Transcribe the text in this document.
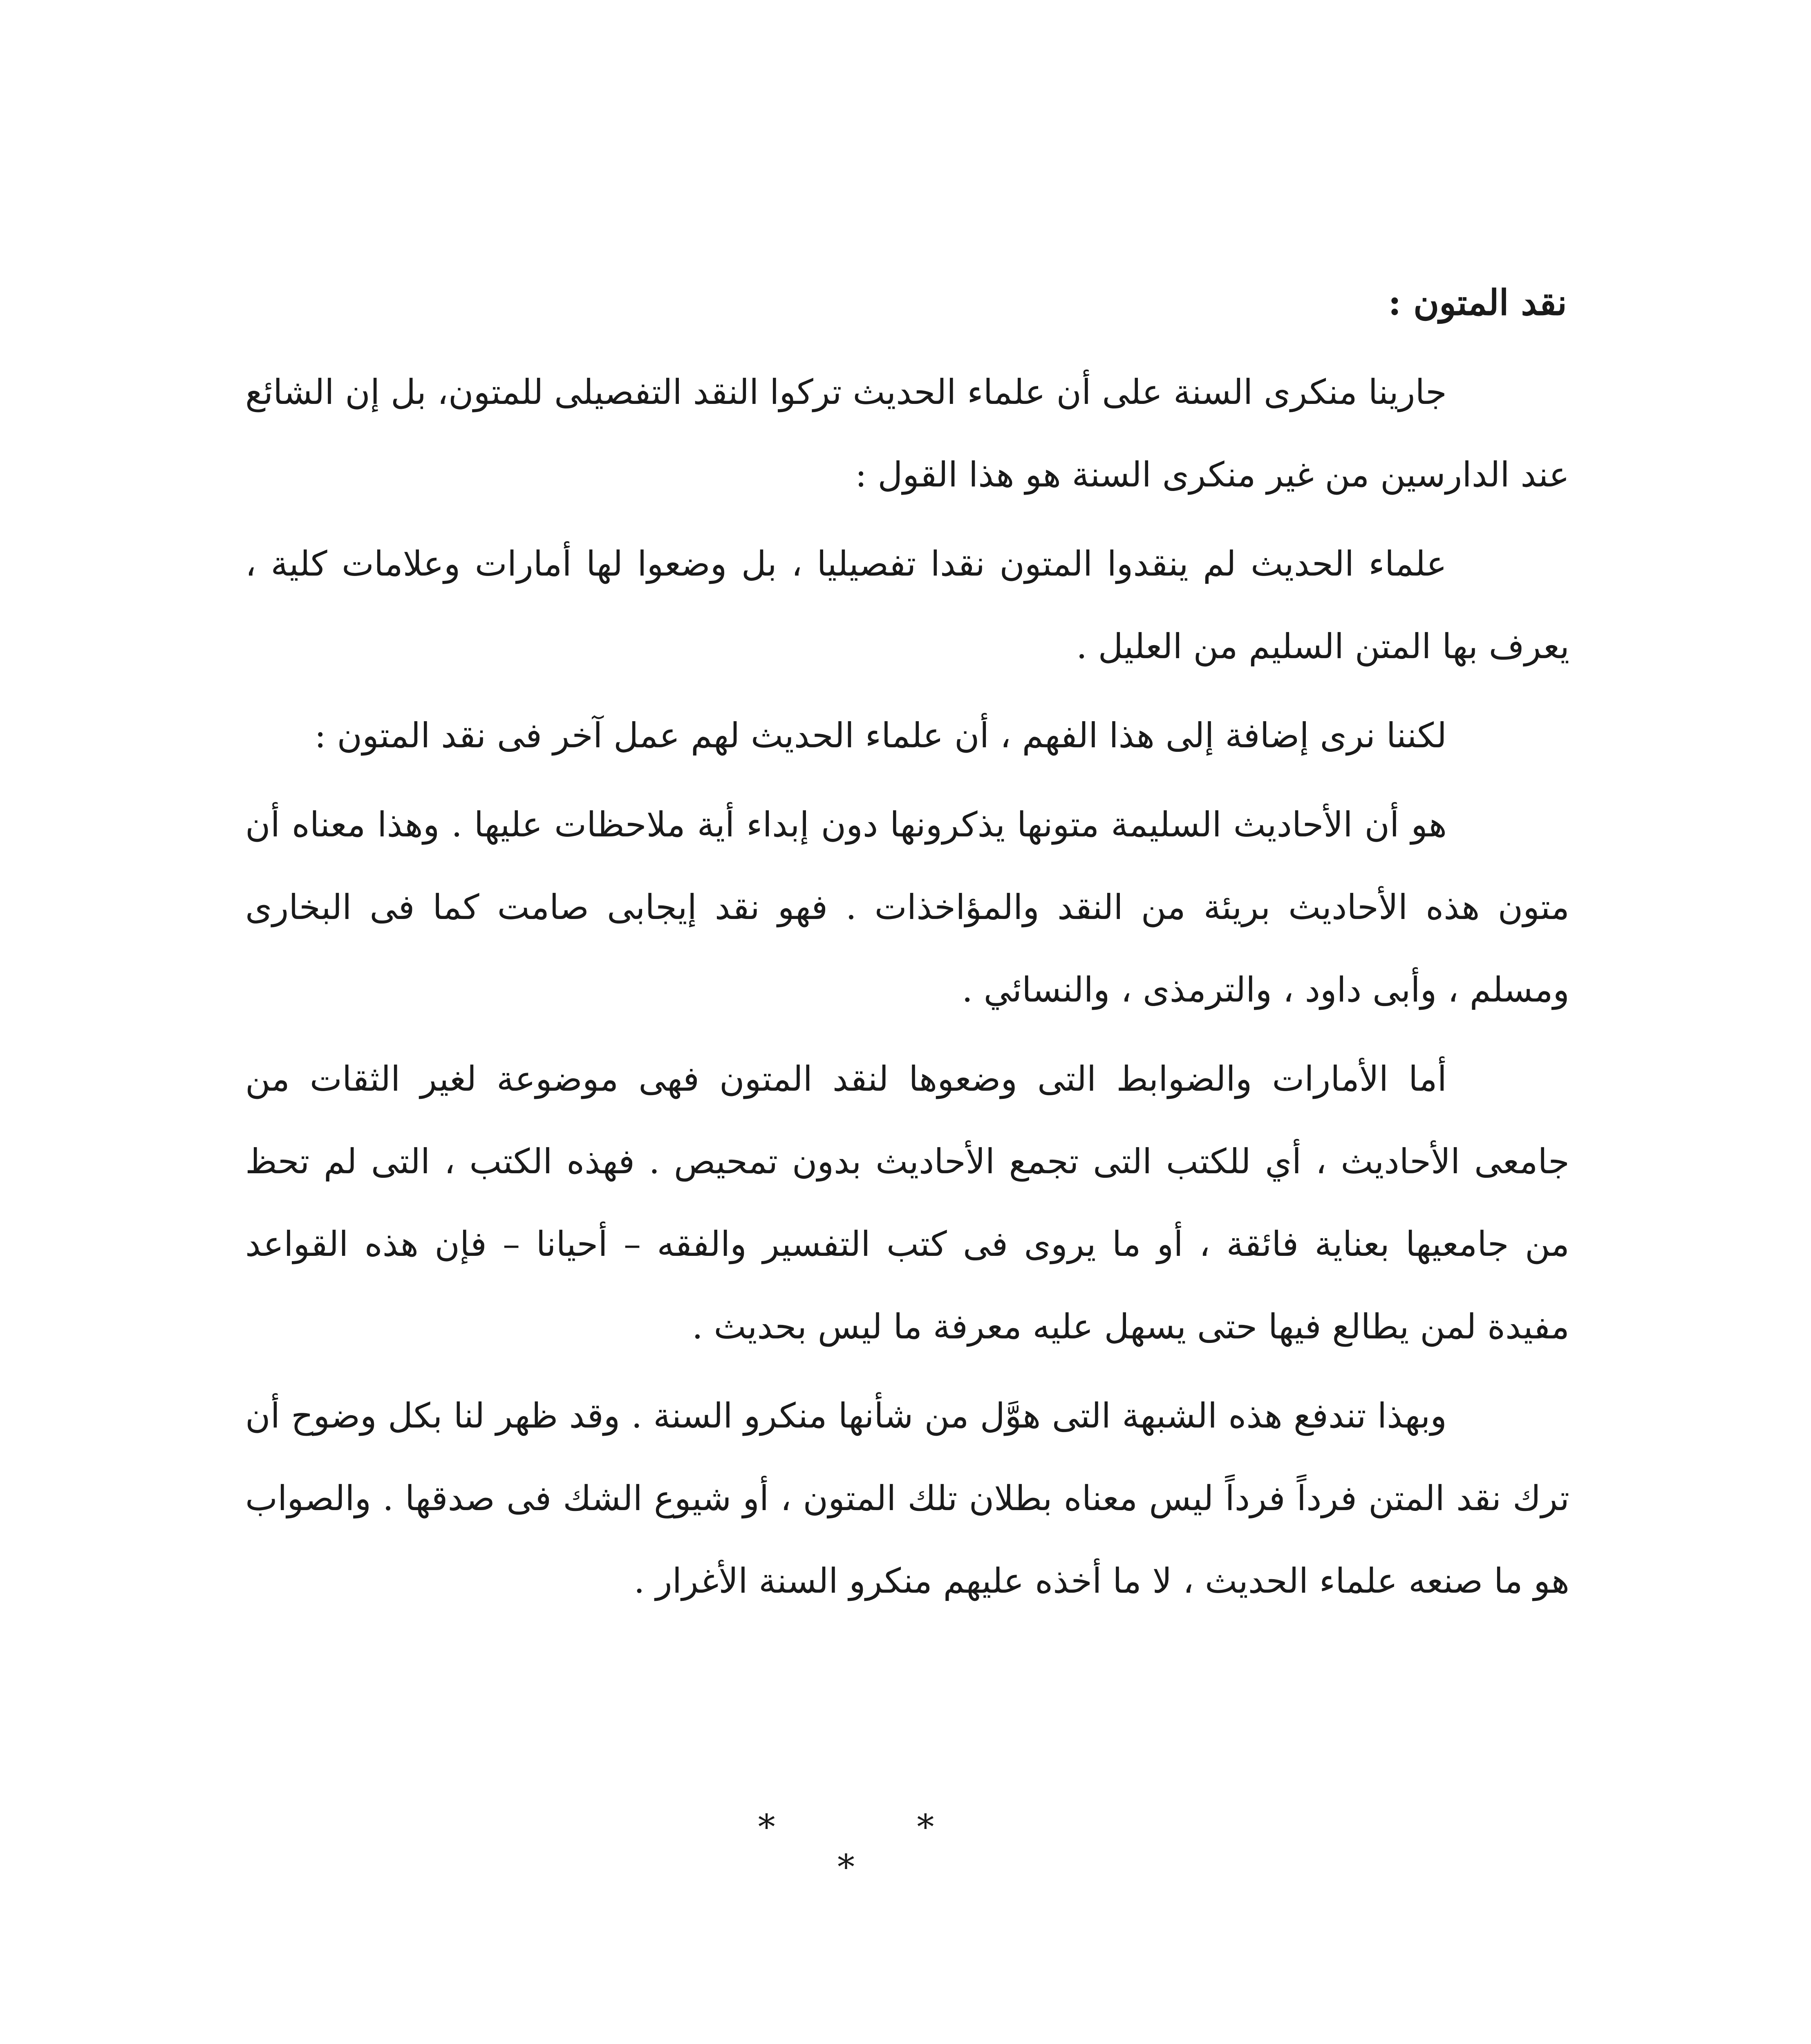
نقد المتون :

جارينا منكرى السنة على أن علماء الحديث تركوا النقد التفصيلى للمتون، بل إن الشائع عند الدارسين من غير منكرى السنة هو هذا القول :

علماء الحديث لم ينقدوا المتون نقدا تفصيليا ، بل وضعوا لها أمارات وعلامات كلية ، يعرف بها المتن السليم من العليل .

لكننا نرى إضافة إلى هذا الفهم ، أن علماء الحديث لهم عمل آخر فى نقد المتون :

هو أن الأحاديث السليمة متونها يذكرونها دون إبداء أية ملاحظات عليها . وهذا معناه أن متون هذه الأحاديث بريئة من النقد والمؤاخذات . فهو نقد إيجابى صامت كما فى البخارى ومسلم ، وأبى داود ، والترمذى ، والنسائي .

أما الأمارات والضوابط التى وضعوها لنقد المتون فهى موضوعة لغير الثقات من جامعى الأحاديث ، أي للكتب التى تجمع الأحاديث بدون تمحيص . فهذه الكتب ، التى لم تحظ من جامعيها بعناية فائقة ، أو ما يروى فى كتب التفسير والفقه – أحيانا – فإن هذه القواعد مفيدة لمن يطالع فيها حتى يسهل عليه معرفة ما ليس بحديث .

وبهذا تندفع هذه الشبهة التى هوَّل من شأنها منكرو السنة . وقد ظهر لنا بكل وضوح أن ترك نقد المتن فرداً فرداً ليس معناه بطلان تلك المتون ، أو شيوع الشك فى صدقها . والصواب هو ما صنعه علماء الحديث ، لا ما أخذه عليهم منكرو السنة الأغرار .

* * *
